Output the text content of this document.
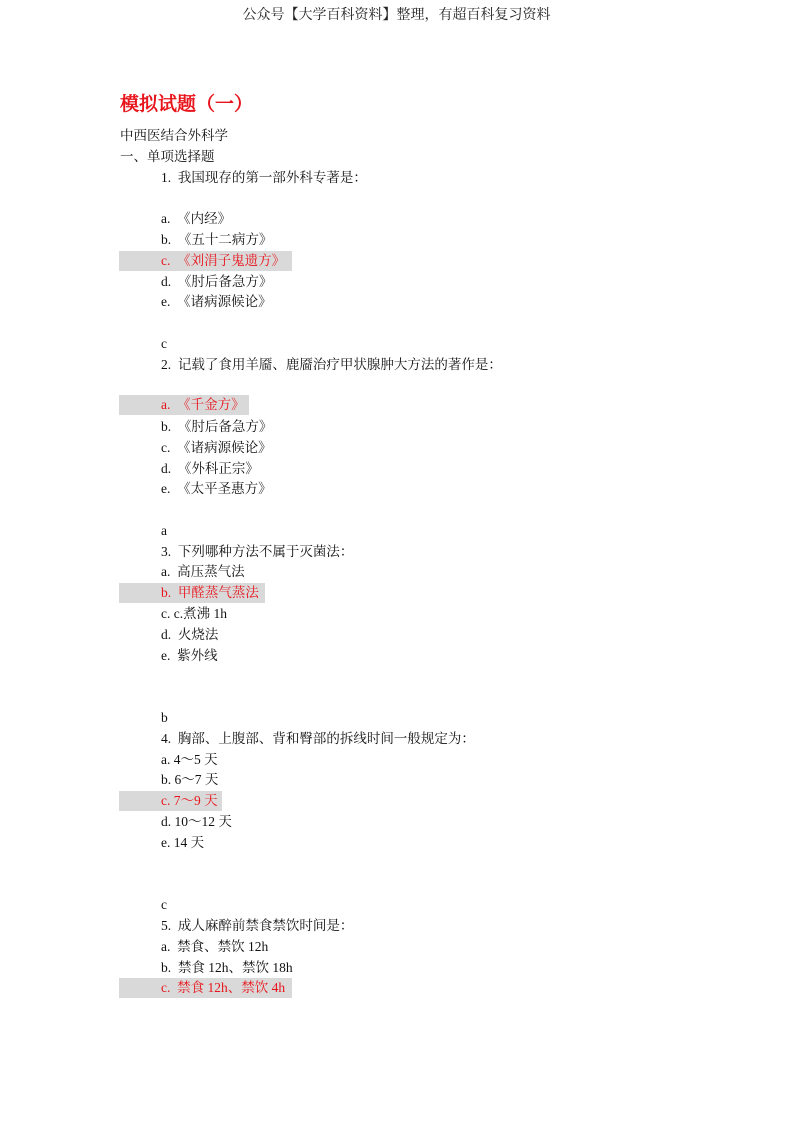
公众号【大学百科资料】整理，有超百科复习资料
模拟试题（一）
中西医结合外科学
一、单项选择题
1.  我国现存的第一部外科专著是：
a.  《内经》
b.  《五十二病方》
c.  《刘涓子鬼遗方》
d.  《肘后备急方》
e.  《诸病源候论》
c
2.  记载了食用羊靥、鹿靥治疗甲状腺肿大方法的著作是：
a.  《千金方》
b.  《肘后备急方》
c.  《诸病源候论》
d.  《外科正宗》
e.  《太平圣惠方》
a
3.  下列哪种方法不属于灭菌法：
a.  高压蒸气法
b.  甲醛蒸气蒸法
c. c.煮沸 1h
d.  火烧法
e.  紫外线
b
4.  胸部、上腹部、背和臀部的拆线时间一般规定为：
a. 4～5 天
b. 6～7 天
c. 7～9 天
d. 10～12 天
e. 14 天
c
5.  成人麻醉前禁食禁饮时间是：
a.  禁食、禁饮 12h
b.  禁食 12h、禁饮 18h
c.  禁食 12h、禁饮 4h
